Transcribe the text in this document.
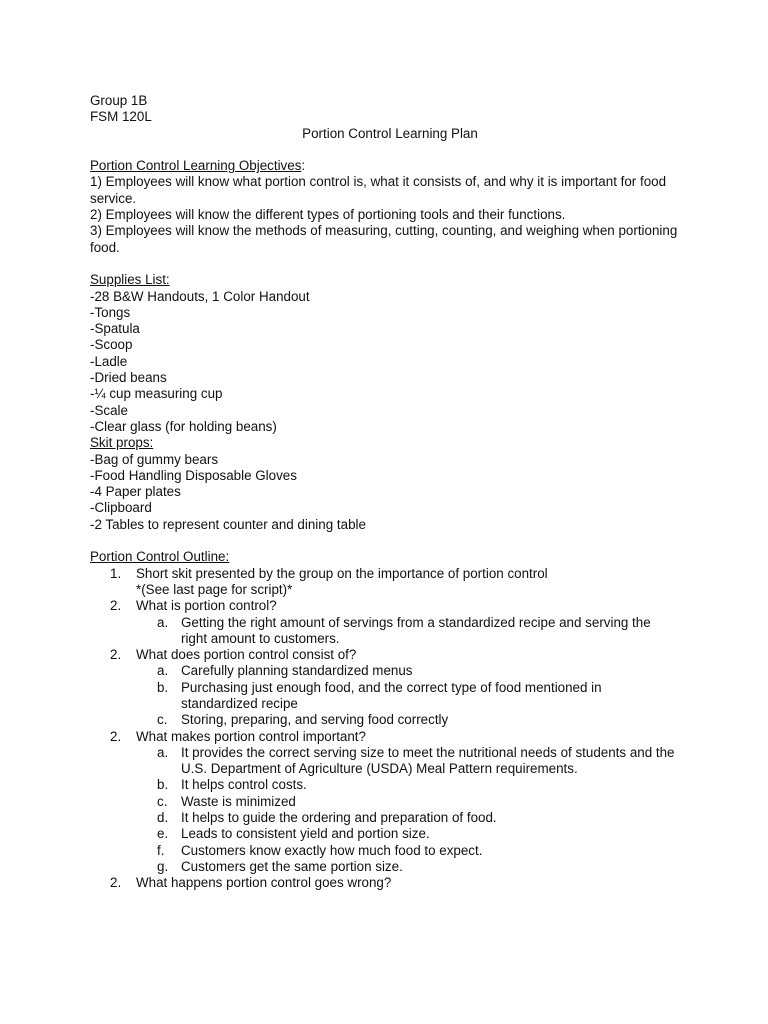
Group 1B
FSM 120L
Portion Control Learning Plan
Portion Control Learning Objectives:
1) Employees will know what portion control is, what it consists of, and why it is important for food service.
2) Employees will know the different types of portioning tools and their functions.
3) Employees will know the methods of measuring, cutting, counting, and weighing when portioning food.
Supplies List:
-28 B&W Handouts, 1 Color Handout
-Tongs
-Spatula
-Scoop
-Ladle
-Dried beans
-¼ cup measuring cup
-Scale
-Clear glass (for holding beans)
Skit props:
-Bag of gummy bears
-Food Handling Disposable Gloves
-4 Paper plates
-Clipboard
-2 Tables to represent counter and dining table
Portion Control Outline:
1. Short skit presented by the group on the importance of portion control
*(See last page for script)*
2. What is portion control?
a. Getting the right amount of servings from a standardized recipe and serving the right amount to customers.
2. What does portion control consist of?
a. Carefully planning standardized menus
b. Purchasing just enough food, and the correct type of food mentioned in standardized recipe
c. Storing, preparing, and serving food correctly
2. What makes portion control important?
a. It provides the correct serving size to meet the nutritional needs of students and the U.S. Department of Agriculture (USDA) Meal Pattern requirements.
b. It helps control costs.
c. Waste is minimized
d. It helps to guide the ordering and preparation of food.
e. Leads to consistent yield and portion size.
f. Customers know exactly how much food to expect.
g. Customers get the same portion size.
2. What happens portion control goes wrong?
